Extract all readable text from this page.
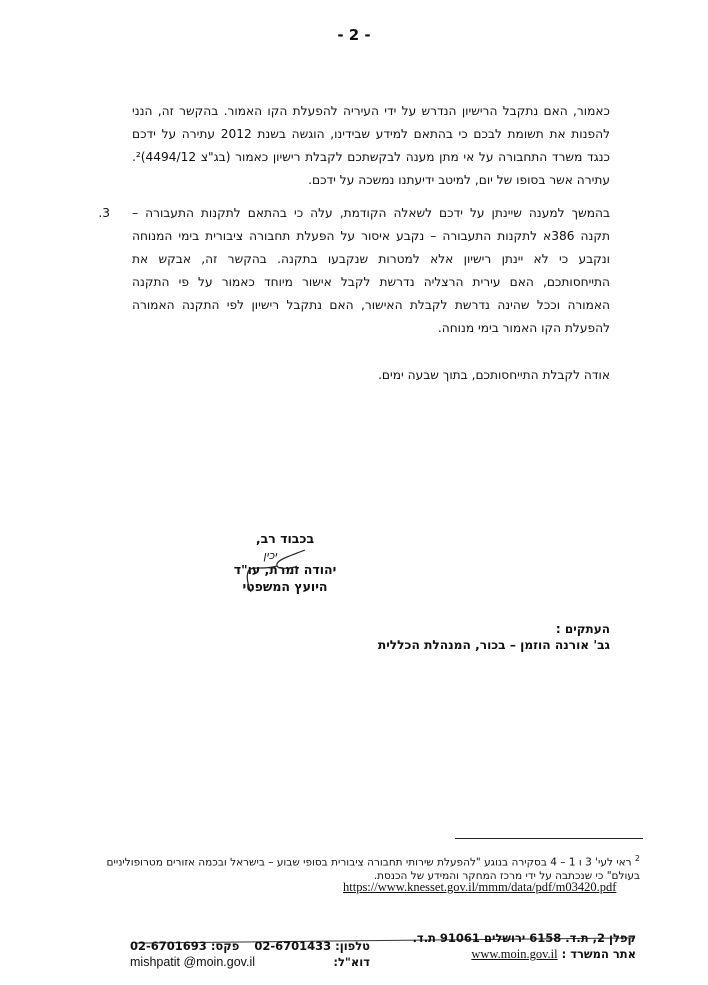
- 2 -
כאמור, האם נתקבל הרישיון הנדרש על ידי העיריה להפעלת הקו האמור. בהקשר זה, הנני
להפנות את תשומת לבכם כי בהתאם למידע שבידינו, הוגשה בשנת 2012 עתירה על ידכם
כנגד משרד התחבורה על אי מתן מענה לבקשתכם לקבלת רישיון כאמור (בג"צ 4494/12)².
עתירה אשר בסופו של יום, למיטב ידיעתנו נמשכה על ידכם.
.3 בהמשך למענה שיינתן על ידכם לשאלה הקודמת, עלה כי בהתאם לתקנות התעבורה –
תקנה 386א לתקנות התעבורה – נקבע איסור על הפעלת תחבורה ציבורית בימי המנוחה
ונקבע כי לא יינתן רישיון אלא למטרות שנקבעו בתקנה. בהקשר זה, אבקש את
התייחסותכם, האם עירית הרצליה נדרשת לקבל אישור מיוחד כאמור על פי התקנה
האמורה וככל שהינה נדרשת לקבלת האישור, האם נתקבל רישיון לפי התקנה האמורה
להפעלת הקו האמור בימי מנוחה.
אודה לקבלת התייחסותכם, בתוך שבעה ימים.
בכבוד רב,
יכין
יהודה זמרת, עו"ד
היועץ המשפטי
העתקים :
גב' אורנה הוזמן – בכור, המנהלת הכללית
$^2$ ראי לעי' 3 ו 1 – 4 בסקירה בנוגע "להפעלת שירותי תחבורה ציבורית בסופי שבוע – בישראל ובכמה אזורים מטרופוליניים
בעולם" כי שנכתבה על ידי מרכז המחקר והמידע של הכנסת.
https://www.knesset.gov.il/mmm/data/pdf/m03420.pdf
קפלן 2, ת.ד. 6158 ירושלים 91061 ת.ד.
אתר המשרד : www.moin.gov.il
טלפון: 02-6701433
פקס: 02-6701693
דוא"ל:
mishpatit @moin.gov.il
